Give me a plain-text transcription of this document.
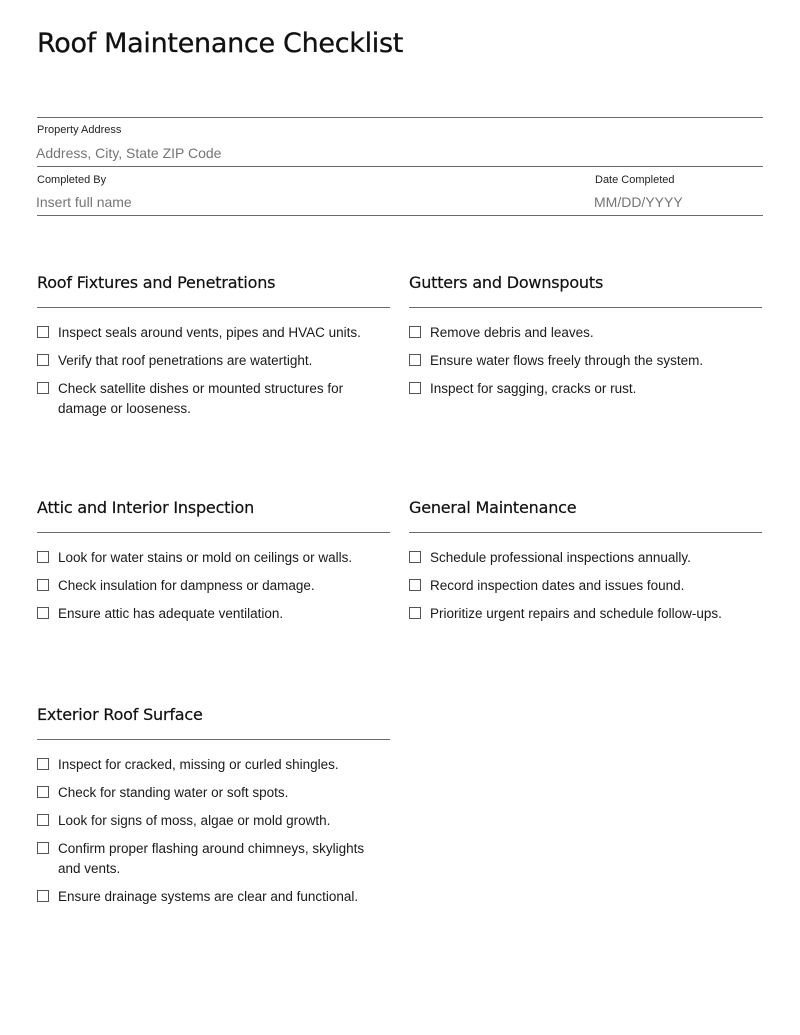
Roof Maintenance Checklist
Property Address
Address, City, State ZIP Code
Completed By
Insert full name	Date Completed
MM/DD/YYYY
Roof Fixtures and Penetrations
Inspect seals around vents, pipes and HVAC units.
Verify that roof penetrations are watertight.
Check satellite dishes or mounted structures for damage or looseness.
Gutters and Downspouts
Remove debris and leaves.
Ensure water flows freely through the system.
Inspect for sagging, cracks or rust.
Attic and Interior Inspection
Look for water stains or mold on ceilings or walls.
Check insulation for dampness or damage.
Ensure attic has adequate ventilation.
General Maintenance
Schedule professional inspections annually.
Record inspection dates and issues found.
Prioritize urgent repairs and schedule follow-ups.
Exterior Roof Surface
Inspect for cracked, missing or curled shingles.
Check for standing water or soft spots.
Look for signs of moss, algae or mold growth.
Confirm proper flashing around chimneys, skylights and vents.
Ensure drainage systems are clear and functional.
